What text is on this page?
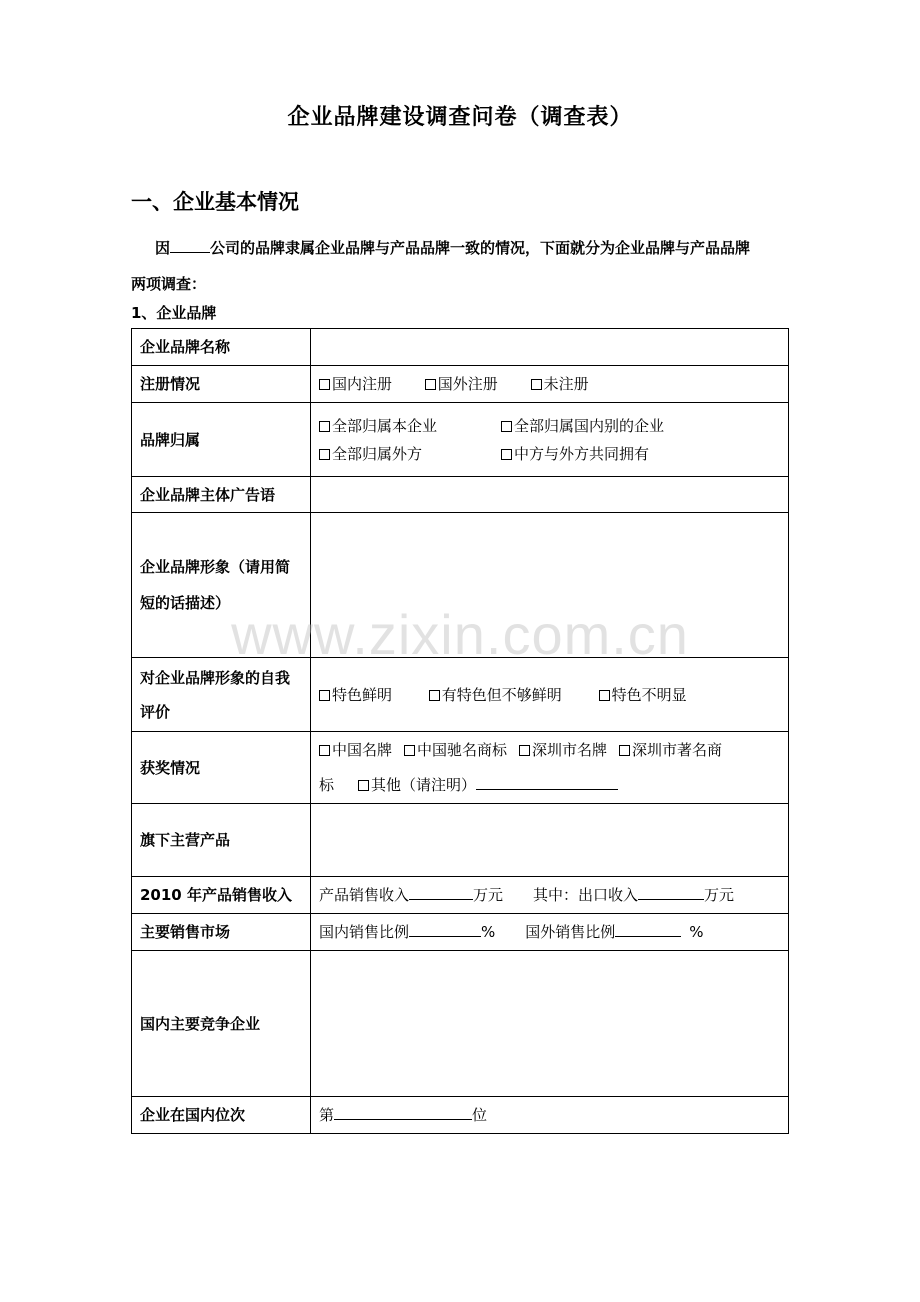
企业品牌建设调查问卷（调查表）
一、企业基本情况
因	公司的品牌隶属企业品牌与产品品牌一致的情况，下面就分为企业品牌与产品品牌
两项调查：
1、企业品牌
企业品牌名称	
注册情况	国内注册 国外注册 未注册
品牌归属	全部归属本企业 全部归属国内别的企业
全部归属外方 中方与外方共同拥有

企业品牌主体广告语	
企业品牌形象（请用简短的话描述）	
对企业品牌形象的自我评价	特色鲜明 有特色但不够鲜明 特色不明显
获奖情况	中国名牌 中国驰名商标 深圳市名牌 深圳市著名商
标 其他（请注明）

旗下主营产品	
2010 年产品销售收入	产品销售收入 万元 其中：出口收入 万元
主要销售市场	国内销售比例 % 国外销售比例 %
国内主要竞争企业	
企业在国内位次	第 位
www.zixin.com.cn
